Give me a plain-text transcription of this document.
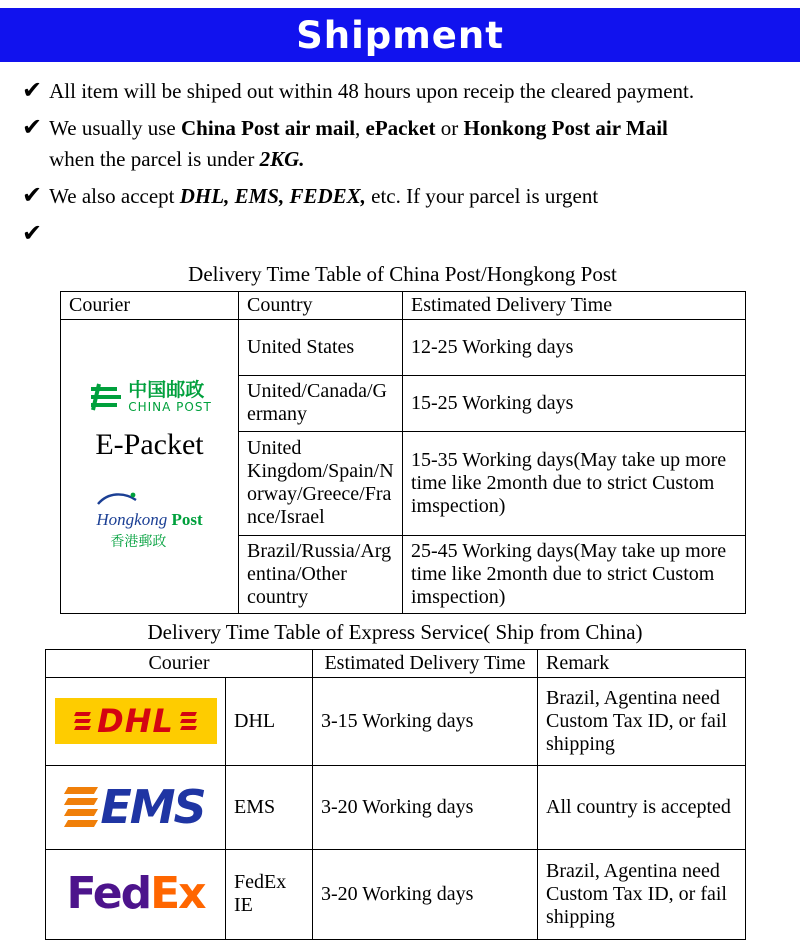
Shipment
✔ All item will be shiped out within 48 hours upon receip the cleared payment.
✔ We usually use China Post air mail, ePacket or Honkong Post air Mail
when the parcel is under 2KG.
✔ We also accept DHL, EMS, FEDEX, etc. If your parcel is urgent
✔
Delivery Time Table of China Post/Hongkong Post
Courier	Country	Estimated Delivery Time

中国邮政
CHINA POST
E-Packet
Hongkong Post
香港郵政	United States	12-25 Working days
	United/Canada/Germany	15-25 Working days
	United Kingdom/Spain/Norway/Greece/France/Israel	15-35 Working days(May take up more time like 2month due to strict Custom imspection)
	Brazil/Russia/Argentina/Other country	25-45 Working days(May take up more time like 2month due to strict Custom imspection)
Delivery Time Table of Express Service( Ship from China)
Courier		Estimated Delivery Time	Remark

DHL	DHL	3-15 Working days	Brazil, Agentina need Custom Tax ID, or fail shipping

EMS	EMS	3-20 Working days	All country is accepted

FedEx	FedEx IE	3-20 Working days	Brazil, Agentina need Custom Tax ID, or fail shipping
